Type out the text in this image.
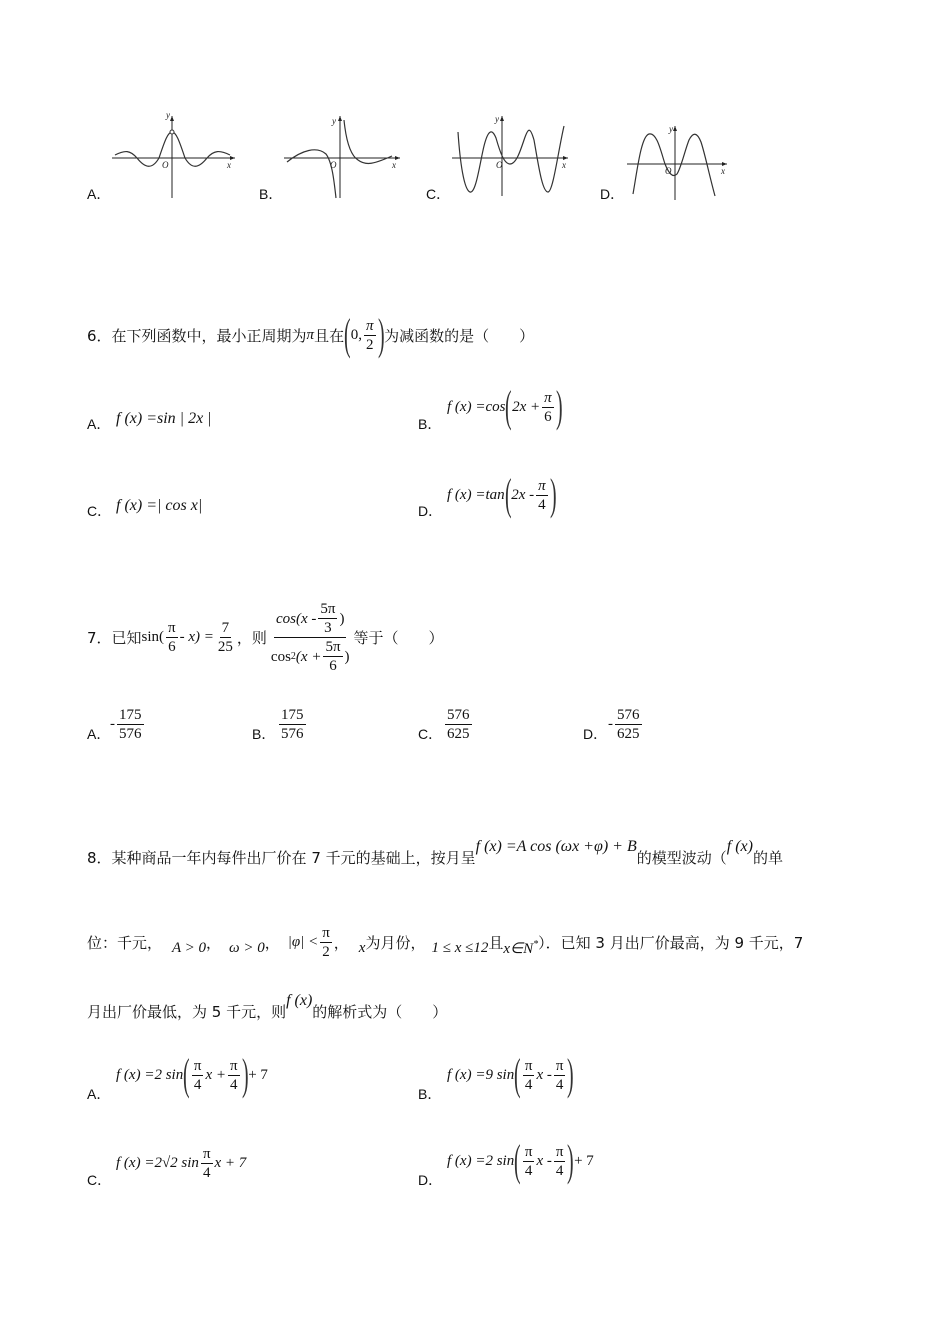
A．
y
x
O
B．
y
x
O
C．
y
x
O
D．
y
x
O
6．在下列函数中，最小正周期为 π 且在 ( 0, $\frac{\pi}{2}$ ) 为减函数的是（　　）
A． f (x) =sin | 2x |	B．
f (x) =cos ( $2x + \frac{\pi}{6}$ )
C． f (x) =| cos x|	D．
f (x) =tan ( $2x - \frac{\pi}{4}$ )
7．已知 $\sin( \frac{\pi}{6} - x) = \frac{7}{25}$ ，则 $\frac{\cos(x - \frac{5\pi}{3} )}{\cos 2 (x + \frac{5\pi}{6} )}$ 等于（　　）
A．
- $\frac{175}{576}$	B． $\frac{175}{576}$	C． $\frac{576}{625}$	D．
- $\frac{576}{625}$
8．某种商品一年内每件出厂价在 7 千元的基础上，按月呈
f (x) =A cos (ωx +φ) + B
的模型波动（
f (x)
的单
位：千元， A > 0 ， ω > 0 ， $|\varphi| < \frac{\pi}{2}$ ， x 为月份， 1 ≤ x ≤12 且 x∈N* ）．已知 3 月出厂价最高，为 9 千元，7
月出厂价最低，为 5 千元，则
f (x)
的解析式为（　　）
A．
f (x) =2 sin ( $\frac{\pi}{4}$ $x + \frac{\pi}{4}$ ) + 7
B．
f (x) =9 sin ( $\frac{\pi}{4}$ x - $\frac{\pi}{4}$ )
C．
f (x) =2√2 $\sin \frac{\pi}{4}$ x + 7
D．
f (x) =2 sin ( $\frac{\pi}{4}$ x - $\frac{\pi}{4}$ ) + 7
